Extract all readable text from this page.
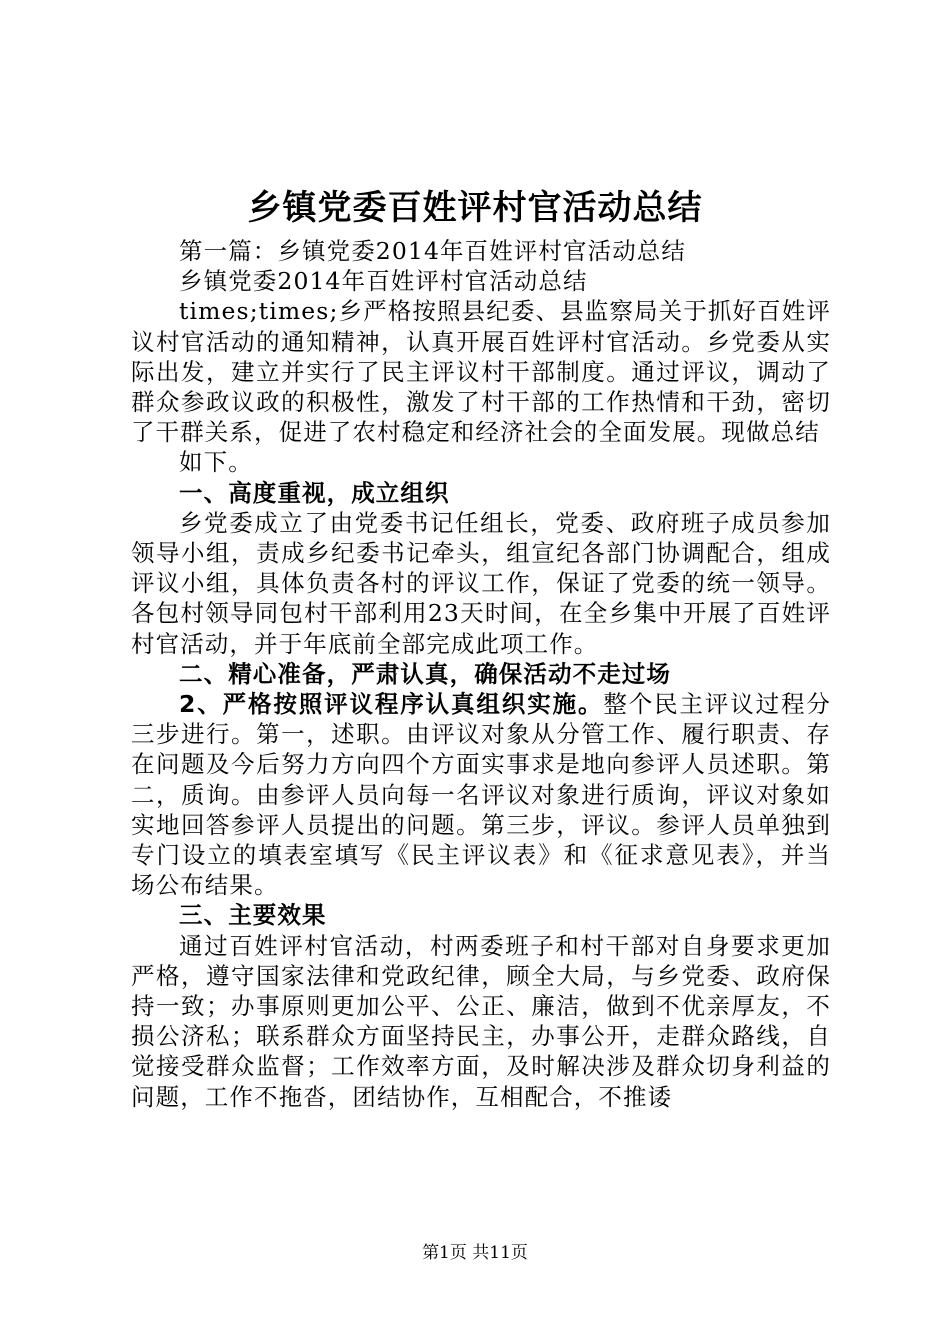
乡镇党委百姓评村官活动总结

第一篇：乡镇党委2014年百姓评村官活动总结

乡镇党委2014年百姓评村官活动总结

times;times;乡严格按照县纪委、县监察局关于抓好百姓评议村官活动的通知精神，认真开展百姓评村官活动。乡党委从实际出发，建立并实行了民主评议村干部制度。通过评议，调动了群众参政议政的积极性，激发了村干部的工作热情和干劲，密切了干群关系，促进了农村稳定和经济社会的全面发展。现做总结

如下。

一、高度重视，成立组织

乡党委成立了由党委书记任组长，党委、政府班子成员参加领导小组，责成乡纪委书记牵头，组宣纪各部门协调配合，组成评议小组，具体负责各村的评议工作，保证了党委的统一领导。各包村领导同包村干部利用23天时间，在全乡集中开展了百姓评村官活动，并于年底前全部完成此项工作。

二、精心准备，严肃认真，确保活动不走过场

2、严格按照评议程序认真组织实施。整个民主评议过程分三步进行。第一，述职。由评议对象从分管工作、履行职责、存在问题及今后努力方向四个方面实事求是地向参评人员述职。第二，质询。由参评人员向每一名评议对象进行质询，评议对象如实地回答参评人员提出的问题。第三步，评议。参评人员单独到专门设立的填表室填写《民主评议表》和《征求意见表》，并当场公布结果。

三、主要效果

通过百姓评村官活动，村两委班子和村干部对自身要求更加严格，遵守国家法律和党政纪律，顾全大局，与乡党委、政府保持一致；办事原则更加公平、公正、廉洁，做到不优亲厚友，不损公济私；联系群众方面坚持民主，办事公开，走群众路线，自觉接受群众监督；工作效率方面，及时解决涉及群众切身利益的问题，工作不拖沓，团结协作，互相配合，不推诿

第1页 共11页
